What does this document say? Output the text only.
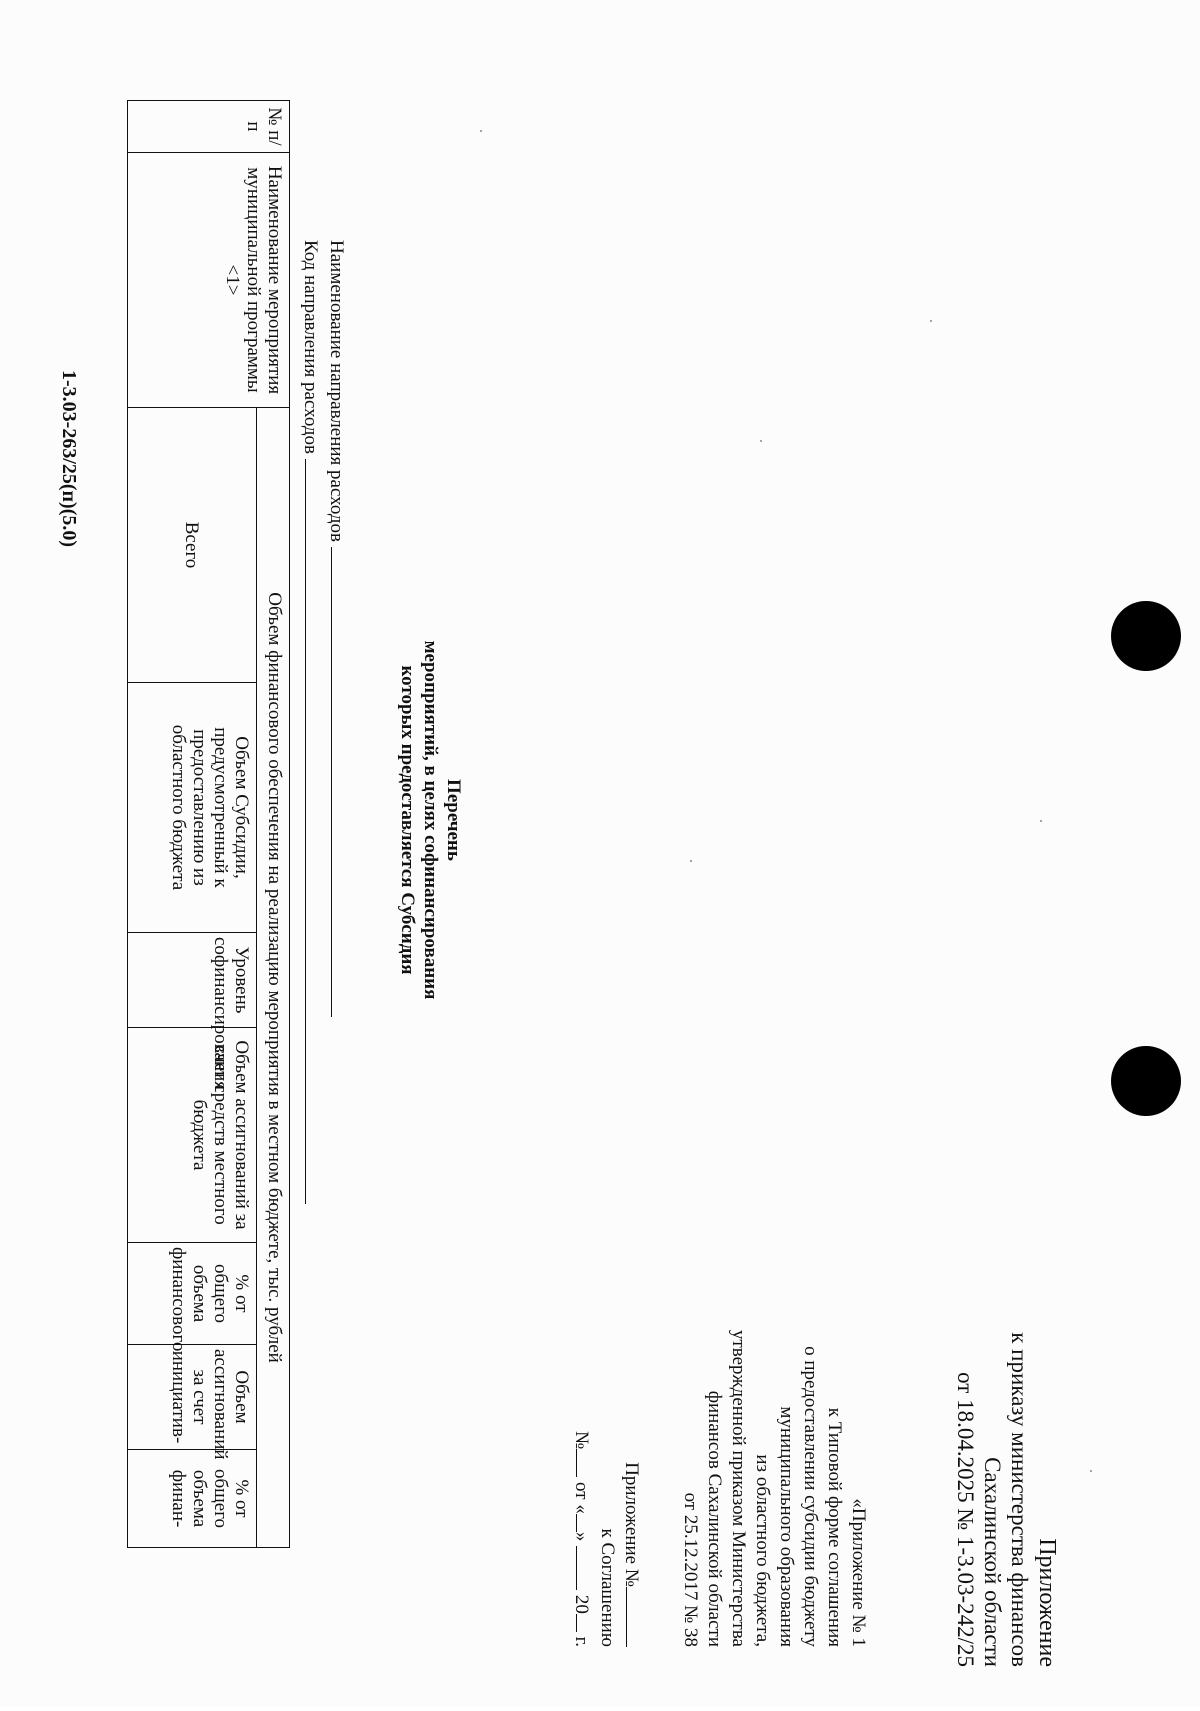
Приложение
к приказу министерства финансов
Сахалинской области
от 18.04.2025 № 1-3.03-242/25
«Приложение № 1
к Типовой форме соглашения
о предоставлении субсидии бюджету
муниципального образования
из областного бюджета,
утвержденной приказом Министерства
финансов Сахалинской области
от 25.12.2017 № 38
Приложение №
к Соглашению
№ от «»  20 г.
Перечень
мероприятий, в целях софинансирования
которых предоставляется Субсидия
Наименование направления расходов
Код направления расходов
№ п/п	Наименование мероприятия муниципальной программы <1>	Объем финансового обеспечения на реализацию мероприятия в местном бюджете, тыс. рублей							
		Всего	Объем Субсидии, предусмотренный к предоставлению из областного бюджета	Уровень софинансирования	Объем ассигнований за счет средств местного бюджета	% от общего объема финансового	Объем ассигнований за счет инициатив-	% от общего объема финан-	
1-3.03-263/25(п)(5.0)
